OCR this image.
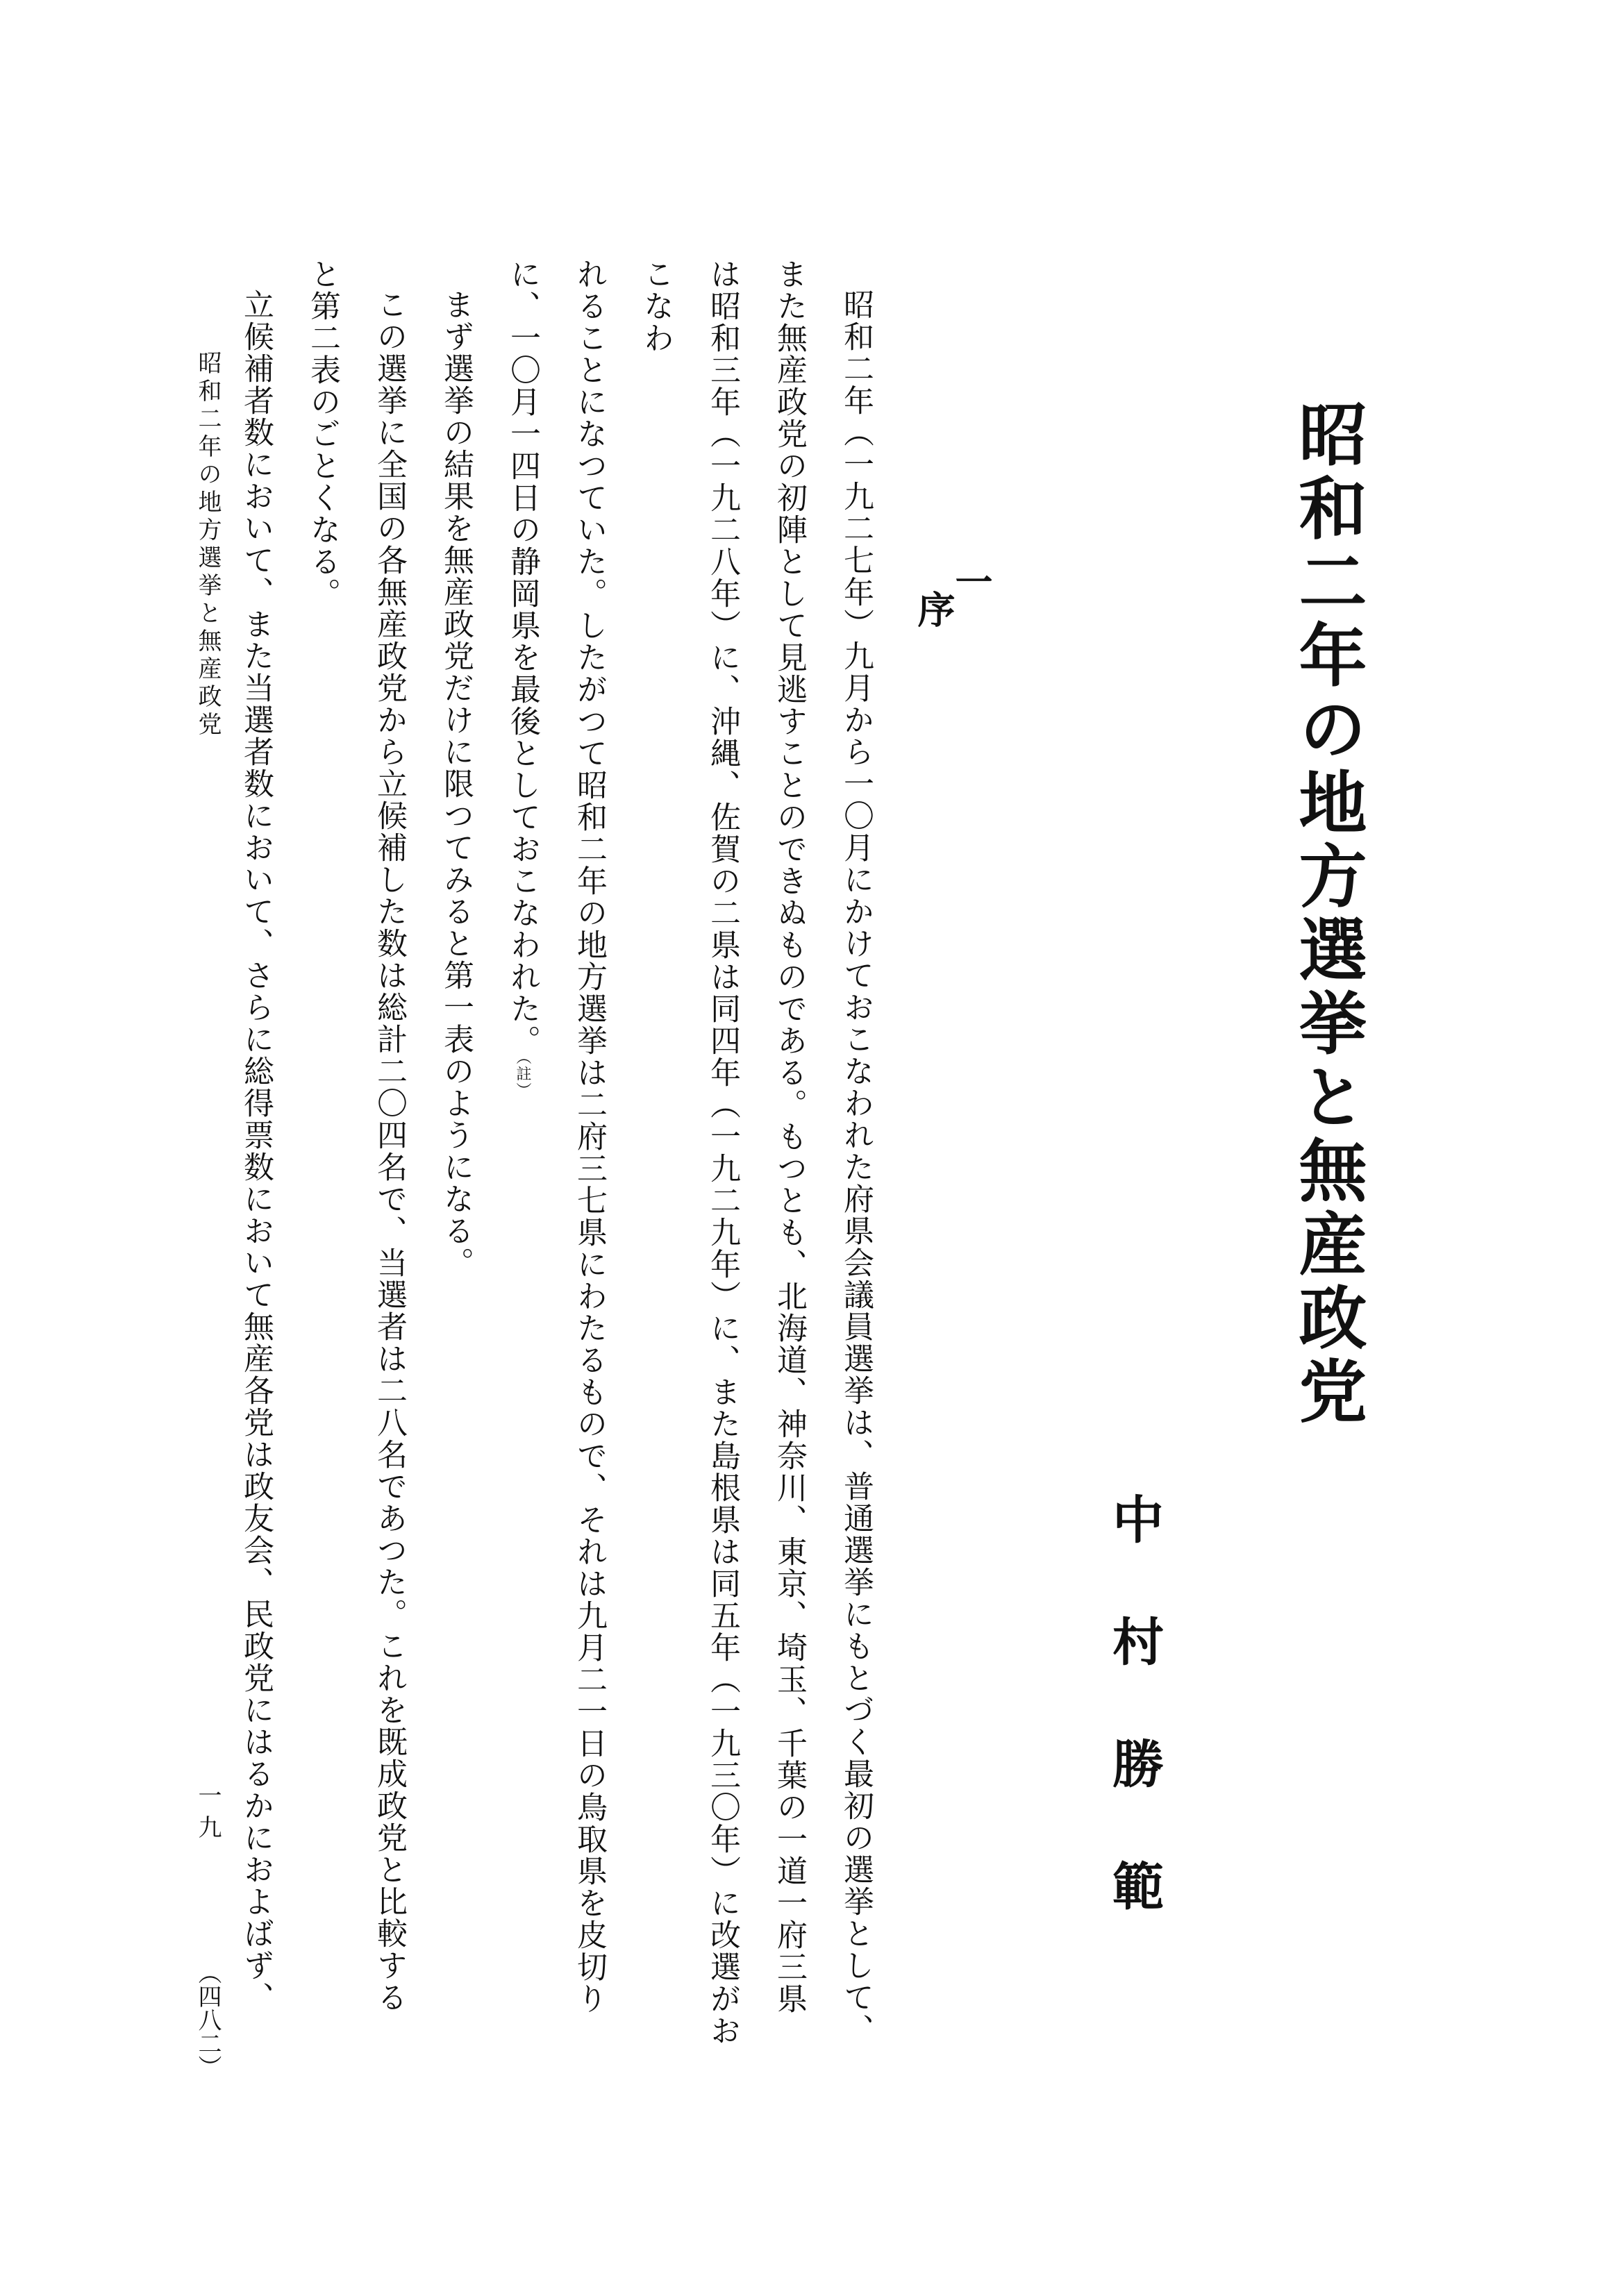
昭和二年の地方選挙と無産政党
中村勝範
一
序
昭和二年（一九二七年）九月から一〇月にかけておこなわれた府県会議員選挙は、普通選挙にもとづく最初の選挙として、
また無産政党の初陣として見逃すことのできぬものである。もつとも、北海道、神奈川、東京、埼玉、千葉の一道一府三県
は昭和三年（一九二八年）に、沖縄、佐賀の二県は同四年（一九二九年）に、また島根県は同五年（一九三〇年）に改選がおこなわ
れることになつていた。したがつて昭和二年の地方選挙は二府三七県にわたるもので、それは九月二一日の鳥取県を皮切り
に、一〇月一四日の静岡県を最後としておこなわれた。（註）
まず選挙の結果を無産政党だけに限つてみると第一表のようになる。
この選挙に全国の各無産政党から立候補した数は総計二〇四名で、当選者は二八名であつた。これを既成政党と比較する
と第二表のごとくなる。
立候補者数において、また当選者数において、さらに総得票数において無産各党は政友会、民政党にはるかにおよばず、
昭和二年の地方選挙と無産政党
一九
（四八二）
